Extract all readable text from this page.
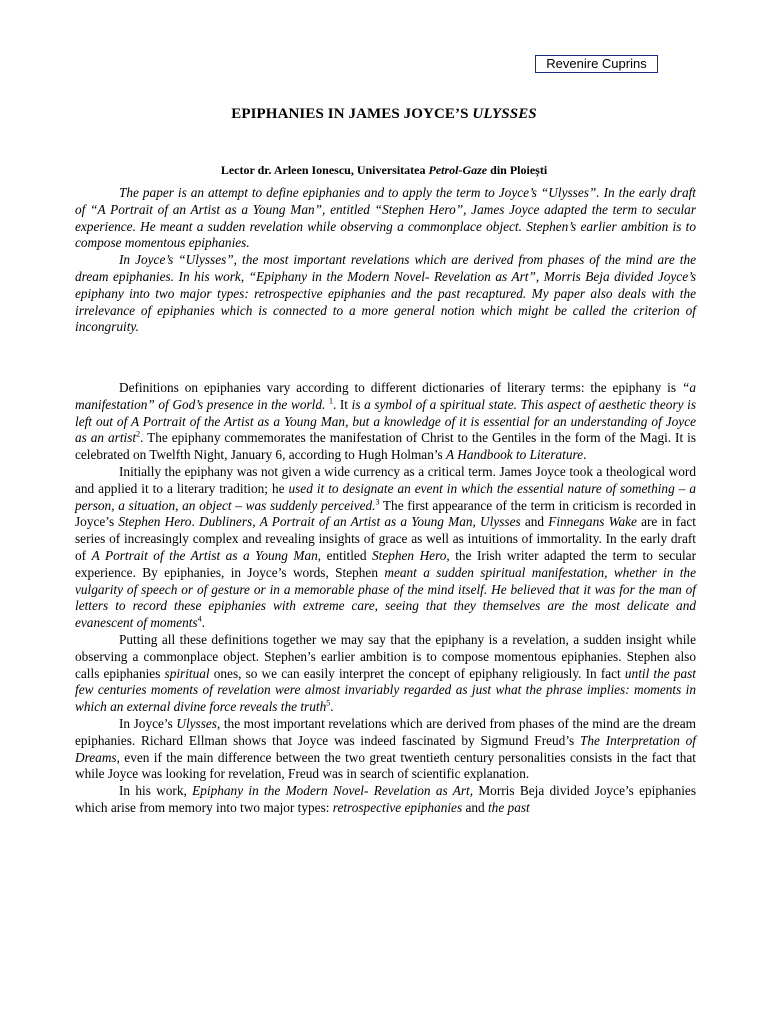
Revenire Cuprins
EPIPHANIES IN JAMES JOYCE’S ULYSSES
Lector dr. Arleen Ionescu, Universitatea Petrol-Gaze din Ploiești

The paper is an attempt to define epiphanies and to apply the term to Joyce’s “Ulysses”. In the early draft of “A Portrait of an Artist as a Young Man”, entitled “Stephen Hero”, James Joyce adapted the term to secular experience. He meant a sudden revelation while observing a commonplace object. Stephen’s earlier ambition is to compose momentous epiphanies.

In Joyce’s “Ulysses”, the most important revelations which are derived from phases of the mind are the dream epiphanies. In his work, “Epiphany in the Modern Novel- Revelation as Art”, Morris Beja divided Joyce’s epiphany into two major types: retrospective epiphanies and the past recaptured. My paper also deals with the irrelevance of epiphanies which is connected to a more general notion which might be called the criterion of incongruity.

Definitions on epiphanies vary according to different dictionaries of literary terms: the epiphany is “a manifestation” of God’s presence in the world. $^1$. It is a symbol of a spiritual state. This aspect of aesthetic theory is left out of A Portrait of the Artist as a Young Man, but a knowledge of it is essential for an understanding of Joyce as an artist$^2$. The epiphany commemorates the manifestation of Christ to the Gentiles in the form of the Magi. It is celebrated on Twelfth Night, January 6, according to Hugh Holman’s A Handbook to Literature.

Initially the epiphany was not given a wide currency as a critical term. James Joyce took a theological word and applied it to a literary tradition; he used it to designate an event in which the essential nature of something – a person, a situation, an object – was suddenly perceived.$^3$ The first appearance of the term in criticism is recorded in Joyce’s Stephen Hero. Dubliners, A Portrait of an Artist as a Young Man, Ulysses and Finnegans Wake are in fact series of increasingly complex and revealing insights of grace as well as intuitions of immortality. In the early draft of A Portrait of the Artist as a Young Man, entitled Stephen Hero, the Irish writer adapted the term to secular experience. By epiphanies, in Joyce’s words, Stephen meant a sudden spiritual manifestation, whether in the vulgarity of speech or of gesture or in a memorable phase of the mind itself. He believed that it was for the man of letters to record these epiphanies with extreme care, seeing that they themselves are the most delicate and evanescent of moments$^4$.

Putting all these definitions together we may say that the epiphany is a revelation, a sudden insight while observing a commonplace object. Stephen’s earlier ambition is to compose momentous epiphanies. Stephen also calls epiphanies spiritual ones, so we can easily interpret the concept of epiphany religiously. In fact until the past few centuries moments of revelation were almost invariably regarded as just what the phrase implies: moments in which an external divine force reveals the truth$^5$.

In Joyce’s Ulysses, the most important revelations which are derived from phases of the mind are the dream epiphanies. Richard Ellman shows that Joyce was indeed fascinated by Sigmund Freud’s The Interpretation of Dreams, even if the main difference between the two great twentieth century personalities consists in the fact that while Joyce was looking for revelation, Freud was in search of scientific explanation.

In his work, Epiphany in the Modern Novel- Revelation as Art, Morris Beja divided Joyce’s epiphanies which arise from memory into two major types: retrospective epiphanies and the past
